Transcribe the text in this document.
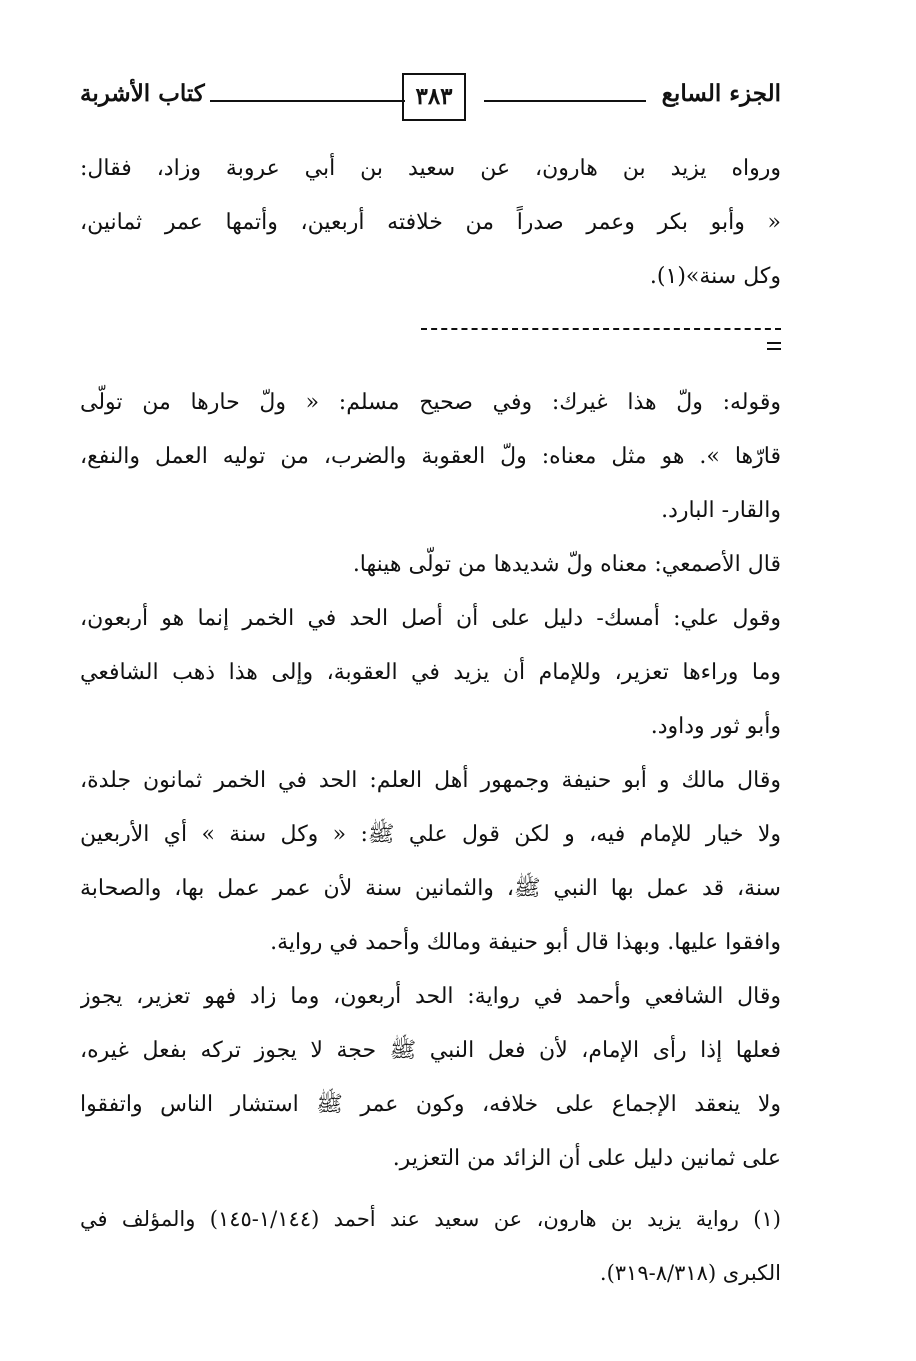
الجزء السابع
٣٨٣
كتاب الأشربة
ورواه يزيد بن هارون، عن سعيد بن أبي عروبة وزاد، فقال:
« وأبو بكر وعمر صدراً من خلافته أربعين، وأتمها عمر ثمانين،
وكل سنة»(١).
وقوله: ولّ هذا غيرك: وفي صحيح مسلم: « ولّ حارها من تولّى
قارّها ». هو مثل معناه: ولّ العقوبة والضرب، من توليه العمل والنفع،
والقار- البارد.
قال الأصمعي: معناه ولّ شديدها من تولّى هينها.
وقول علي: أمسك- دليل على أن أصل الحد في الخمر إنما هو أربعون،
وما وراءها تعزير، وللإمام أن يزيد في العقوبة، وإلى هذا ذهب الشافعي
وأبو ثور وداود.
وقال مالك و أبو حنيفة وجمهور أهل العلم: الحد في الخمر ثمانون جلدة،
ولا خيار للإمام فيه، و لكن قول علي ﷺ: « وكل سنة » أي الأربعين
سنة، قد عمل بها النبي ﷺ، والثمانين سنة لأن عمر عمل بها، والصحابة
وافقوا عليها. وبهذا قال أبو حنيفة ومالك وأحمد في رواية.
وقال الشافعي وأحمد في رواية: الحد أربعون، وما زاد فهو تعزير، يجوز
فعلها إذا رأى الإمام، لأن فعل النبي ﷺ حجة لا يجوز تركه بفعل غيره،
ولا ينعقد الإجماع على خلافه، وكون عمر ﷺ استشار الناس واتفقوا
على ثمانين دليل على أن الزائد من التعزير.
(١) رواية يزيد بن هارون، عن سعيد عند أحمد (١/١٤٤-١٤٥) والمؤلف في
الكبرى (٨/٣١٨-٣١٩).
